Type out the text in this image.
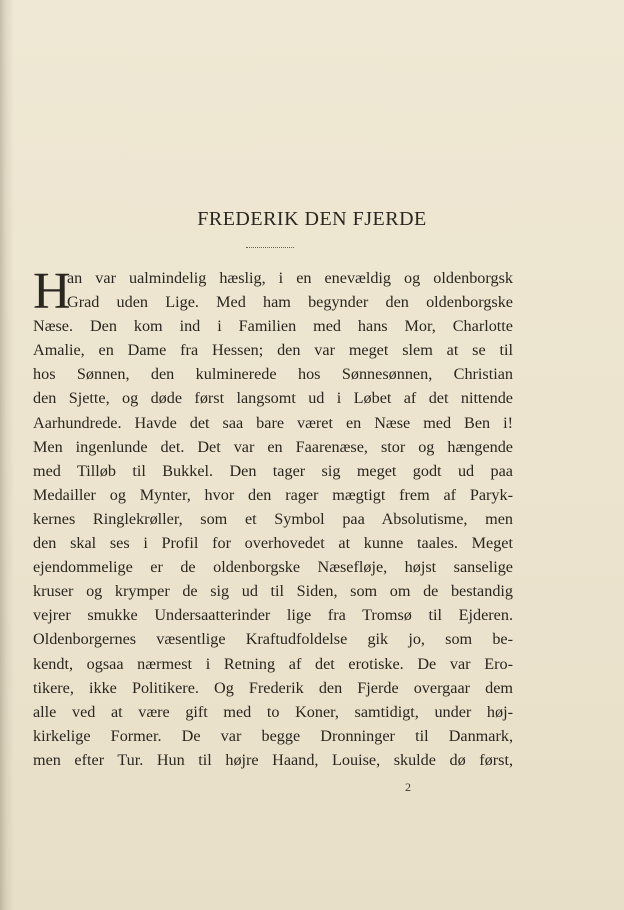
FREDERIK DEN FJERDE
H
an var ualmindelig hæslig, i en enevældig og oldenborgsk
Grad uden Lige. Med ham begynder den oldenborgske
Næse. Den kom ind i Familien med hans Mor, Charlotte
Amalie, en Dame fra Hessen; den var meget slem at se til
hos Sønnen, den kulminerede hos Sønnesønnen, Christian
den Sjette, og døde først langsomt ud i Løbet af det nittende
Aarhundrede. Havde det saa bare været en Næse med Ben i!
Men ingenlunde det. Det var en Faarenæse, stor og hængende
med Tilløb til Bukkel. Den tager sig meget godt ud paa
Medailler og Mynter, hvor den rager mægtigt frem af Paryk-
kernes Ringlekrøller, som et Symbol paa Absolutisme, men
den skal ses i Profil for overhovedet at kunne taales. Meget
ejendommelige er de oldenborgske Næsefløje, højst sanselige
kruser og krymper de sig ud til Siden, som om de bestandig
vejrer smukke Undersaatterinder lige fra Tromsø til Ejderen.
Oldenborgernes væsentlige Kraftudfoldelse gik jo, som be-
kendt, ogsaa nærmest i Retning af det erotiske. De var Ero-
tikere, ikke Politikere. Og Frederik den Fjerde overgaar dem
alle ved at være gift med to Koner, samtidigt, under høj-
kirkelige Former. De var begge Dronninger til Danmark,
men efter Tur. Hun til højre Haand, Louise, skulde dø først,
2
